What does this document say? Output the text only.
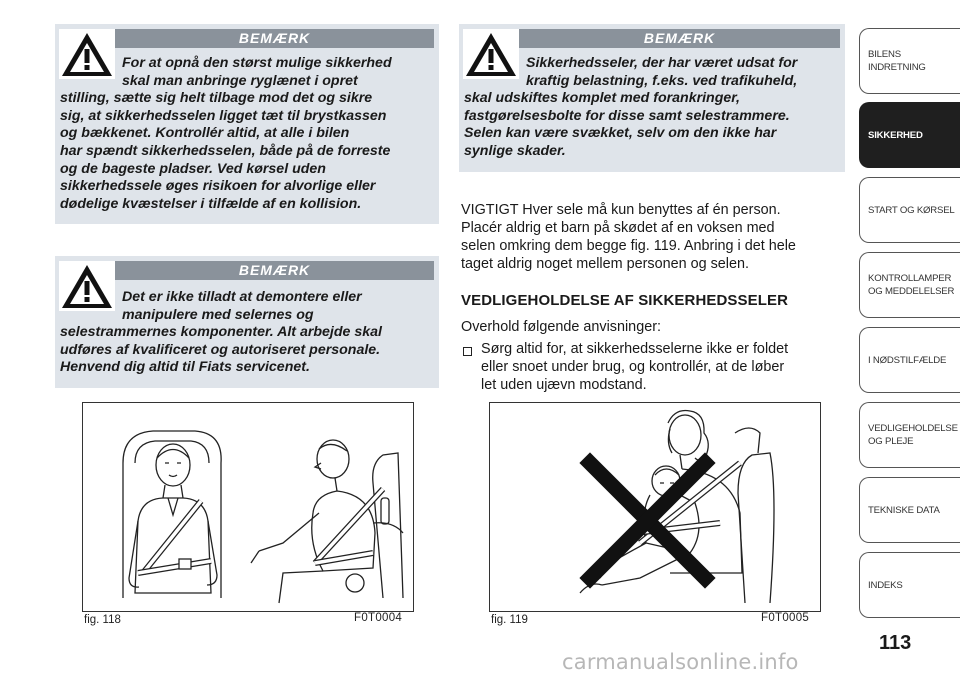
BEMÆRK
For at opnå den størst mulige sikkerhed
skal man anbringe ryglænet i opret
stilling, sætte sig helt tilbage mod det og sikre
sig, at sikkerhedsselen ligget tæt til brystkassen
og bækkenet. Kontrollér altid, at alle i bilen
har spændt sikkerhedsselen, både på de forreste
og de bageste pladser. Ved kørsel uden
sikkerhedssele øges risikoen for alvorlige eller
dødelige kvæstelser i tilfælde af en kollision.
BEMÆRK
Det er ikke tilladt at demontere eller
manipulere med selernes og
selestrammernes komponenter. Alt arbejde skal
udføres af kvalificeret og autoriseret personale.
Henvend dig altid til Fiats servicenet.
BEMÆRK
Sikkerhedsseler, der har været udsat for
kraftig belastning, f.eks. ved trafikuheld,
skal udskiftes komplet med forankringer,
fastgørelsesbolte for disse samt selestrammere.
Selen kan være svækket, selv om den ikke har
synlige skader.
VIGTIGT Hver sele må kun benyttes af én person.
Placér aldrig et barn på skødet af en voksen med
selen omkring dem begge fig. 119. Anbring i det hele
taget aldrig noget mellem personen og selen.
VEDLIGEHOLDELSE AF SIKKERHEDSSELER
Overhold følgende anvisninger:
Sørg altid for, at sikkerhedsselerne ikke er foldet
eller snoet under brug, og kontrollér, at de løber
let uden ujævn modstand.
fig. 118	F0T0004	fig. 119	F0T0005
BILENS INDRETNING
SIKKERHED
START OG KØRSEL
KONTROLLAMPER
OG MEDDELELSER
I NØDSTILFÆLDE
VEDLIGEHOLDELSE
OG PLEJE
TEKNISKE DATA
INDEKS
113
carmanualsonline.info
